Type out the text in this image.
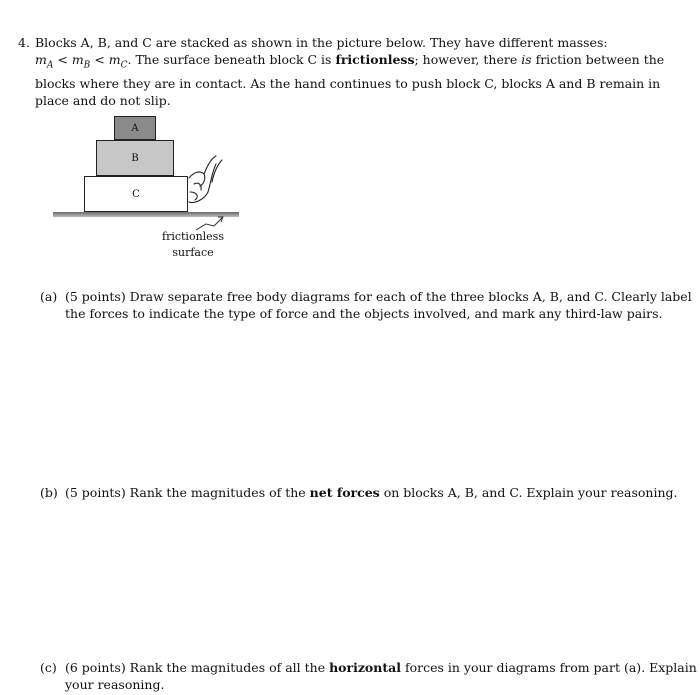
4. Blocks A, B, and C are stacked as shown in the picture below. They have different masses:
$m_A < m_B < m_C$. The surface beneath block C is frictionless; however, there is friction between the
blocks where they are in contact. As the hand continues to push block C, blocks A and B remain in
place and do not slip.
A
B
C
frictionless
surface
(a) (5 points) Draw separate free body diagrams for each of the three blocks A, B, and C. Clearly label
the forces to indicate the type of force and the objects involved, and mark any third-law pairs.
(b) (5 points) Rank the magnitudes of the net forces on blocks A, B, and C. Explain your reasoning.
(c) (6 points) Rank the magnitudes of all the horizontal forces in your diagrams from part (a). Explain
your reasoning.
